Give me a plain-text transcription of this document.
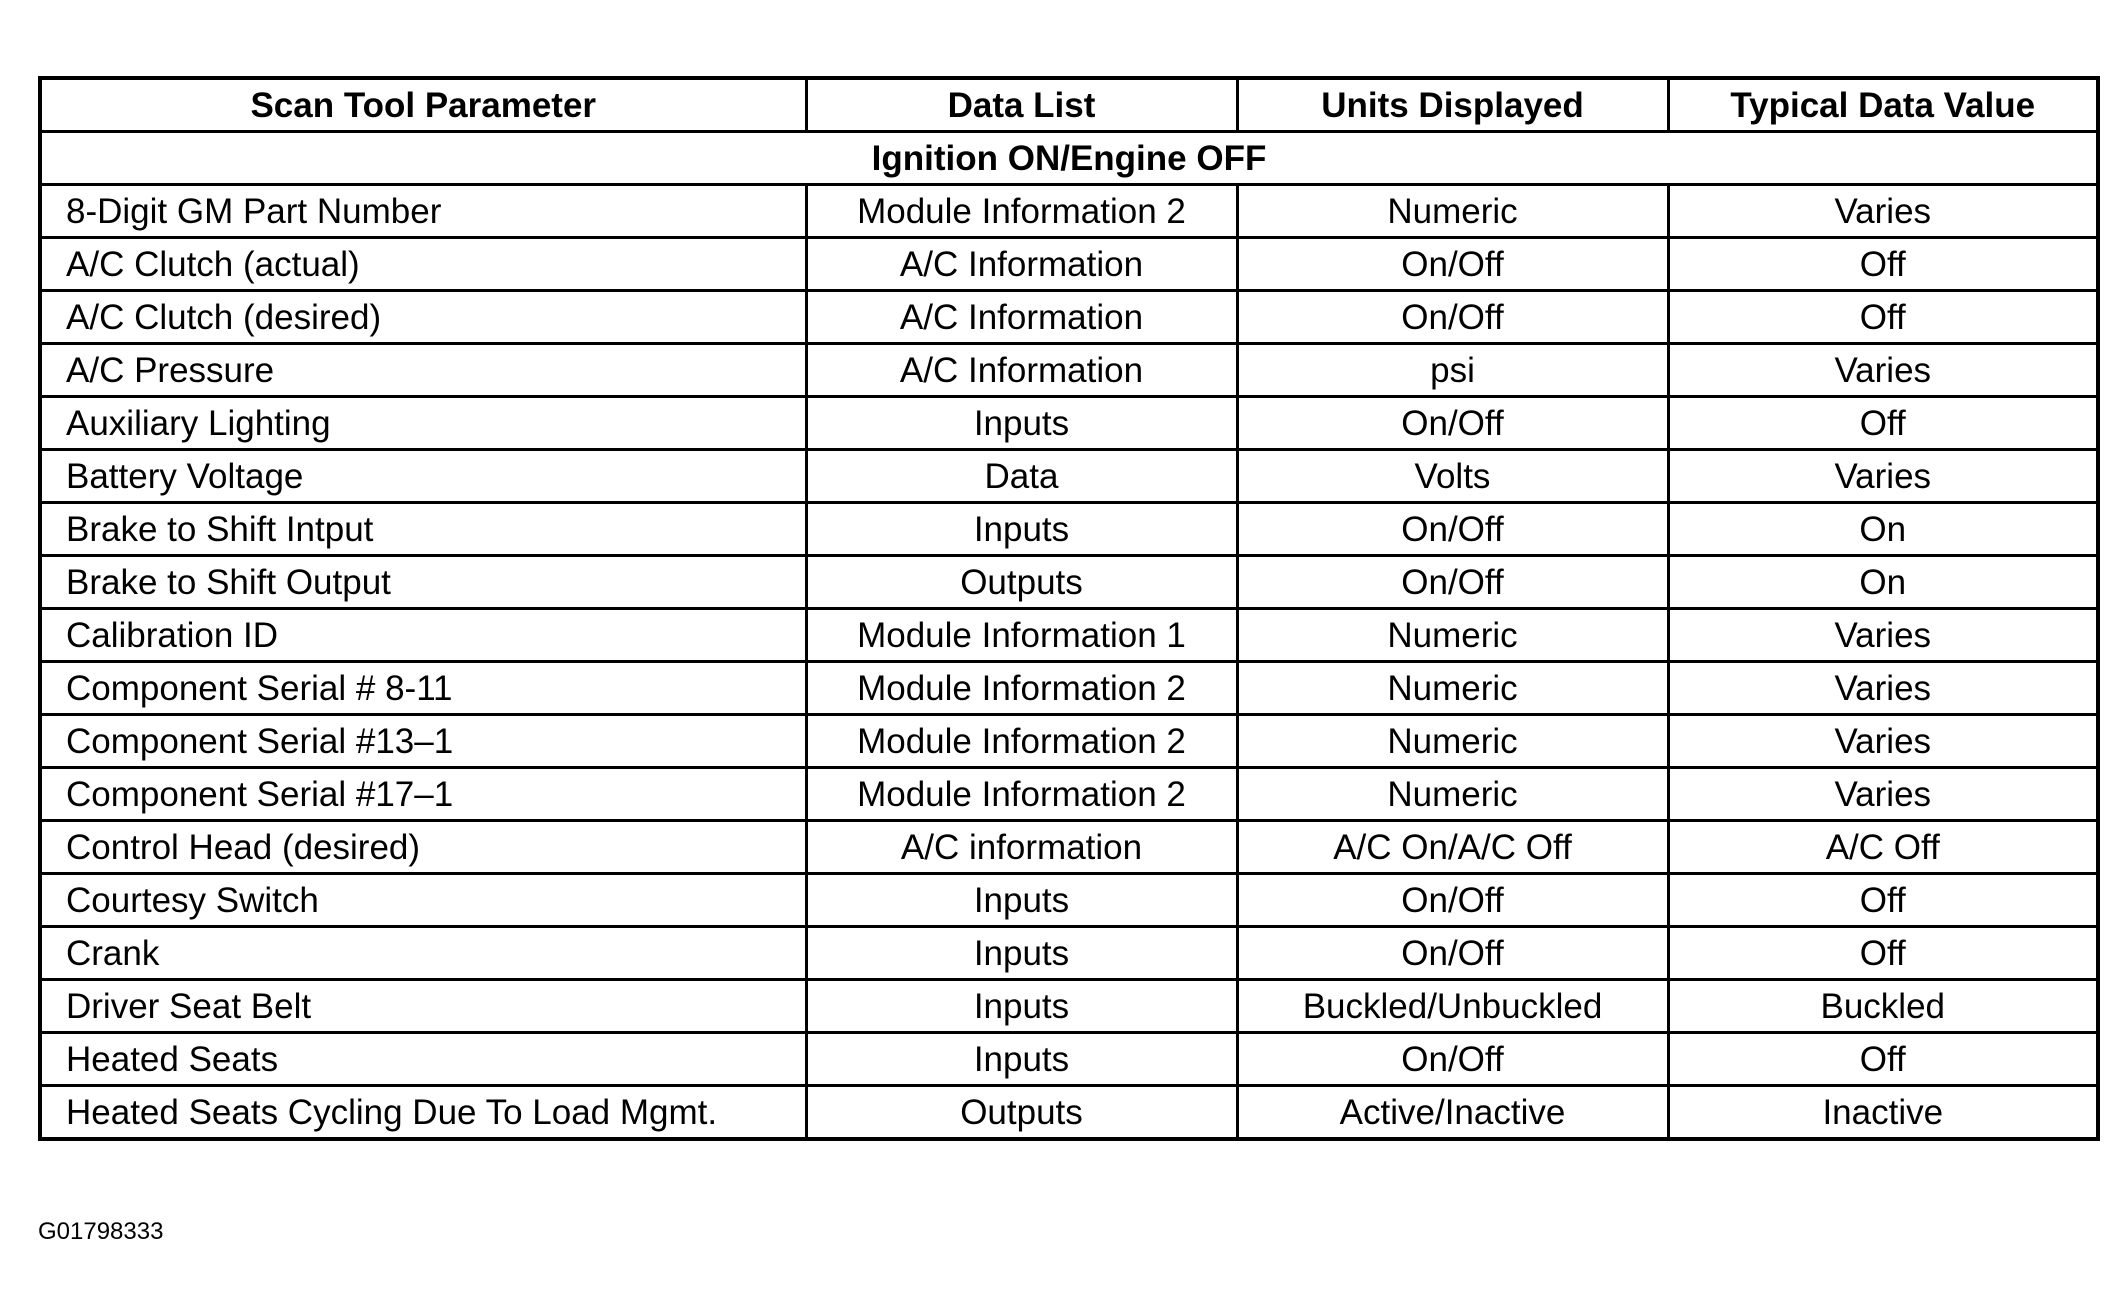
Scan Tool Parameter	Data List	Units Displayed	Typical Data Value
Ignition ON/Engine OFF			
8-Digit GM Part Number	Module Information 2	Numeric	Varies
A/C Clutch (actual)	A/C Information	On/Off	Off
A/C Clutch (desired)	A/C Information	On/Off	Off
A/C Pressure	A/C Information	psi	Varies
Auxiliary Lighting	Inputs	On/Off	Off
Battery Voltage	Data	Volts	Varies
Brake to Shift Intput	Inputs	On/Off	On
Brake to Shift Output	Outputs	On/Off	On
Calibration ID	Module Information 1	Numeric	Varies
Component Serial # 8-11	Module Information 2	Numeric	Varies
Component Serial #13–1	Module Information 2	Numeric	Varies
Component Serial #17–1	Module Information 2	Numeric	Varies
Control Head (desired)	A/C information	A/C On/A/C Off	A/C Off
Courtesy Switch	Inputs	On/Off	Off
Crank	Inputs	On/Off	Off
Driver Seat Belt	Inputs	Buckled/Unbuckled	Buckled
Heated Seats	Inputs	On/Off	Off
Heated Seats Cycling Due To Load Mgmt.	Outputs	Active/Inactive	Inactive
G01798333
